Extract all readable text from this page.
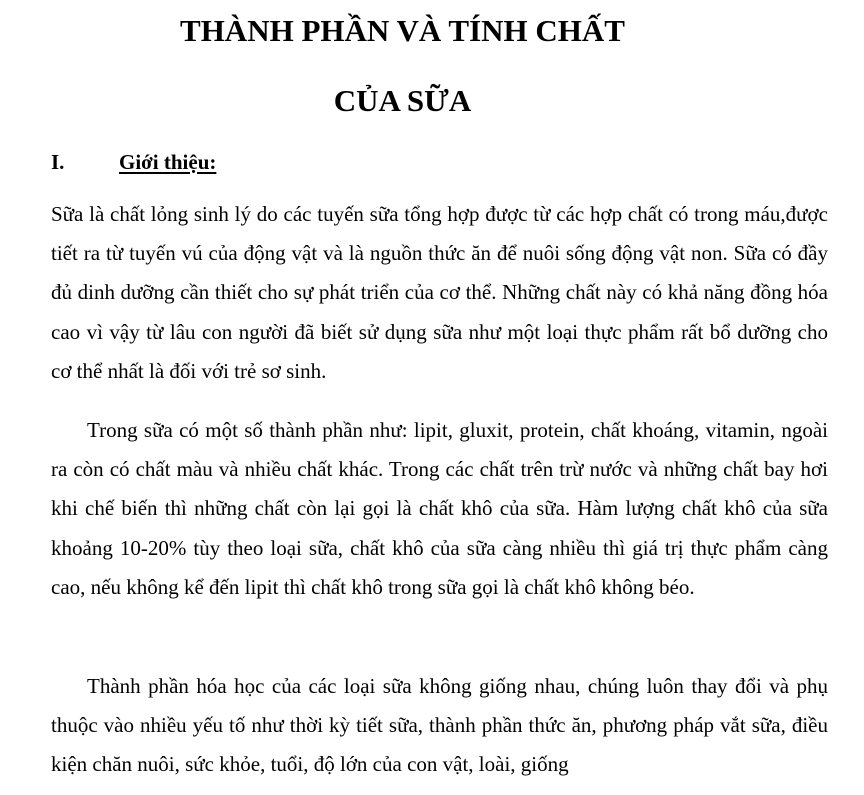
THÀNH PHẦN VÀ TÍNH CHẤT
CỦA SỮA
I.	Giới thiệu:

Sữa là chất lỏng sinh lý do các tuyến sữa tổng hợp được từ các hợp chất có trong máu,được tiết ra từ tuyến vú của động vật và là nguồn thức ăn để nuôi sống động vật non. Sữa có đầy đủ dinh dưỡng cần thiết cho sự phát triển của cơ thể. Những chất này có khả năng đồng hóa cao vì vậy từ lâu con người đã biết sử dụng sữa như một loại thực phẩm rất bổ dưỡng cho cơ thể nhất là đối với trẻ sơ sinh.

Trong sữa có một số thành phần như: lipit, gluxit, protein, chất khoáng, vitamin, ngoài ra còn có chất màu và nhiều chất khác. Trong các chất trên trừ nước và những chất bay hơi khi chế biến thì những chất còn lại gọi là chất khô của sữa. Hàm lượng chất khô của sữa khoảng 10-20% tùy theo loại sữa, chất khô của sữa càng nhiều thì giá trị thực phẩm càng cao, nếu không kể đến lipit thì chất khô trong sữa gọi là chất khô không béo.

Thành phần hóa học của các loại sữa không giống nhau, chúng luôn thay đổi và phụ thuộc vào nhiều yếu tố như thời kỳ tiết sữa, thành phần thức ăn, phương pháp vắt sữa, điều kiện chăn nuôi, sức khỏe, tuổi, độ lớn của con vật, loài, giống
